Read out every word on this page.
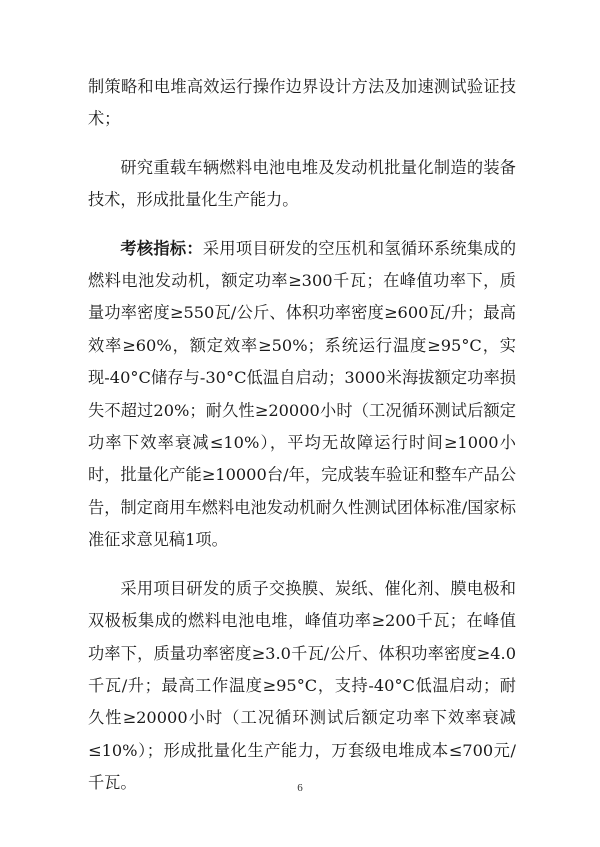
制策略和电堆高效运行操作边界设计方法及加速测试验证技术；

研究重载车辆燃料电池电堆及发动机批量化制造的装备技术，形成批量化生产能力。

考核指标：采用项目研发的空压机和氢循环系统集成的燃料电池发动机，额定功率≥300千瓦；在峰值功率下，质量功率密度≥550瓦/公斤、体积功率密度≥600瓦/升；最高效率≥60%，额定效率≥50%；系统运行温度≥95°C，实现-40°C储存与-30°C低温自启动；3000米海拔额定功率损失不超过20%；耐久性≥20000小时（工况循环测试后额定功率下效率衰减≤10%），平均无故障运行时间≥1000小时，批量化产能≥10000台/年，完成装车验证和整车产品公告，制定商用车燃料电池发动机耐久性测试团体标准/国家标准征求意见稿1项。

采用项目研发的质子交换膜、炭纸、催化剂、膜电极和双极板集成的燃料电池电堆，峰值功率≥200千瓦；在峰值功率下，质量功率密度≥3.0千瓦/公斤、体积功率密度≥4.0千瓦/升；最高工作温度≥95°C，支持-40°C低温启动；耐久性≥20000小时（工况循环测试后额定功率下效率衰减≤10%）；形成批量化生产能力，万套级电堆成本≤700元/千瓦。	6
